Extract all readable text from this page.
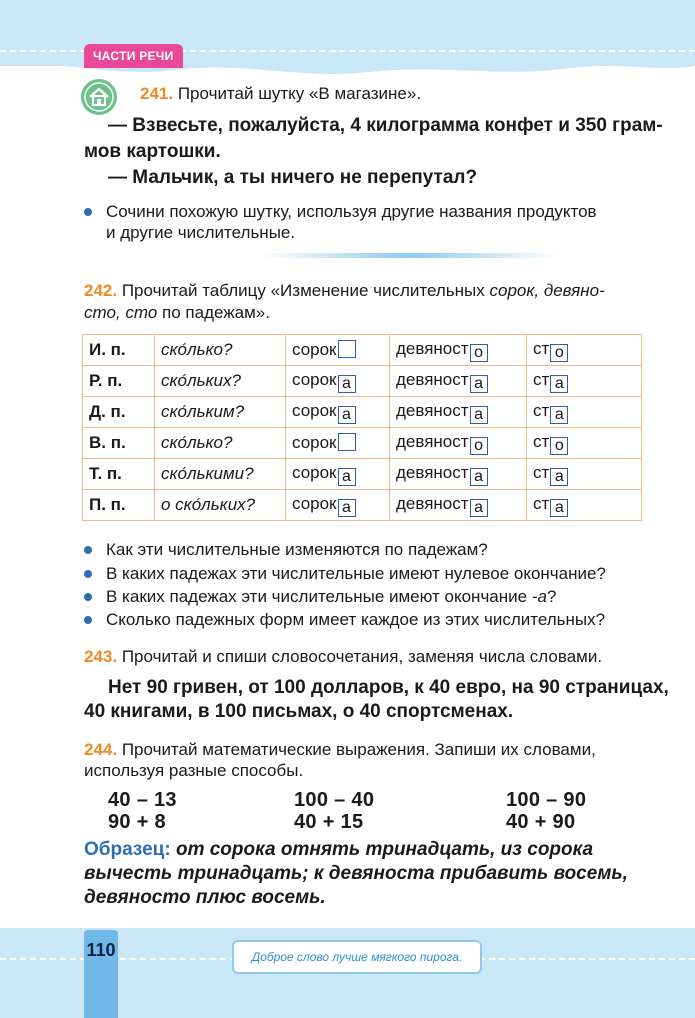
ЧАСТИ РЕЧИ
241. Прочитай шутку «В магазине».
— Взвесьте, пожалуйста, 4 килограмма конфет и 350 грам-
мов картошки.
— Мальчик, а ты ничего не перепутал?
Сочини похожую шутку, используя другие названия продуктов
и другие числительные.
242. Прочитай таблицу «Изменение числительных сорок, девяно-
сто, сто по падежам».
И. п.	ско́лько?	сорок	девяност о	ст о
Р. п.	ско́льких?	сорок а	девяност а	ст а
Д. п.	ско́льким?	сорок а	девяност а	ст а
В. п.	ско́лько?	сорок	девяност о	ст о
Т. п.	ско́лькими?	сорок а	девяност а	ст а
П. п.	о ско́льких?	сорок а	девяност а	ст а
Как эти числительные изменяются по падежам?
В каких падежах эти числительные имеют нулевое окончание?
В каких падежах эти числительные имеют окончание -а?
Сколько падежных форм имеет каждое из этих числительных?
243. Прочитай и спиши словосочетания, заменяя числа словами.
Нет 90 гривен, от 100 долларов, к 40 евро, на 90 страницах,
40 книгами, в 100 письмах, о 40 спортсменах.
244. Прочитай математические выражения. Запиши их словами,
используя разные способы.
40 – 13	100 – 40	100 – 90
90 + 8	40 + 15	40 + 90
Образец: от сорока отнять тринадцать, из сорока
вычесть тринадцать; к девяноста прибавить восемь,
девяносто плюс восемь.
110	Доброе слово лучше мягкого пирога.
